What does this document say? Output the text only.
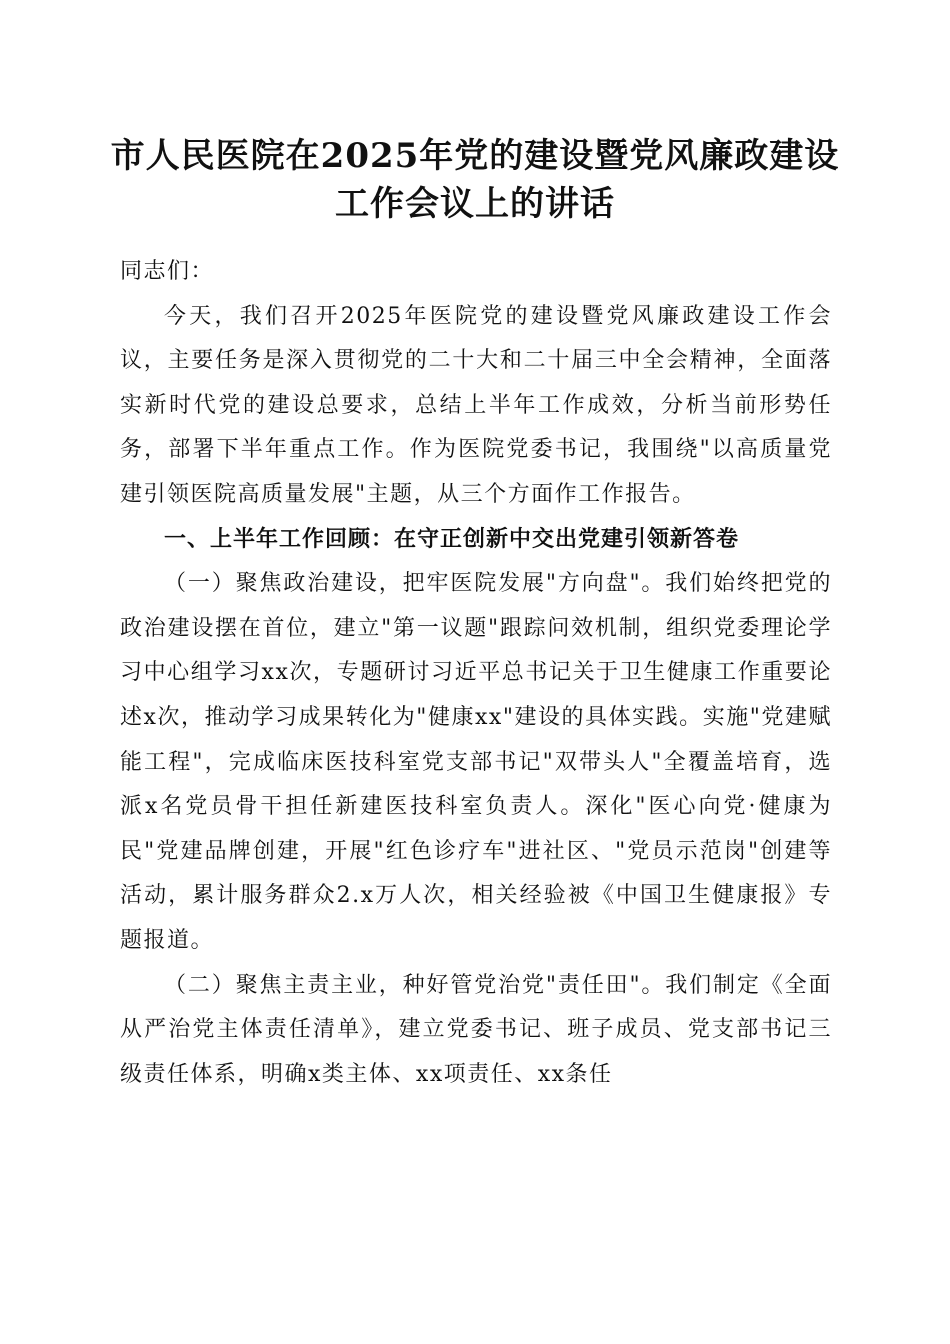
市人民医院在2025年党的建设暨党风廉政建设工作会议上的讲话

同志们：

今天，我们召开2025年医院党的建设暨党风廉政建设工作会议，主要任务是深入贯彻党的二十大和二十届三中全会精神，全面落实新时代党的建设总要求，总结上半年工作成效，分析当前形势任务，部署下半年重点工作。作为医院党委书记，我围绕"以高质量党建引领医院高质量发展"主题，从三个方面作工作报告。

一、上半年工作回顾：在守正创新中交出党建引领新答卷

（一）聚焦政治建设，把牢医院发展"方向盘"。我们始终把党的政治建设摆在首位，建立"第一议题"跟踪问效机制，组织党委理论学习中心组学习xx次，专题研讨习近平总书记关于卫生健康工作重要论述x次，推动学习成果转化为"健康xx"建设的具体实践。实施"党建赋能工程"，完成临床医技科室党支部书记"双带头人"全覆盖培育，选派x名党员骨干担任新建医技科室负责人。深化"医心向党·健康为民"党建品牌创建，开展"红色诊疗车"进社区、"党员示范岗"创建等活动，累计服务群众2.x万人次，相关经验被《中国卫生健康报》专题报道。

（二）聚焦主责主业，种好管党治党"责任田"。我们制定《全面从严治党主体责任清单》，建立党委书记、班子成员、党支部书记三级责任体系，明确x类主体、xx项责任、xx条任
